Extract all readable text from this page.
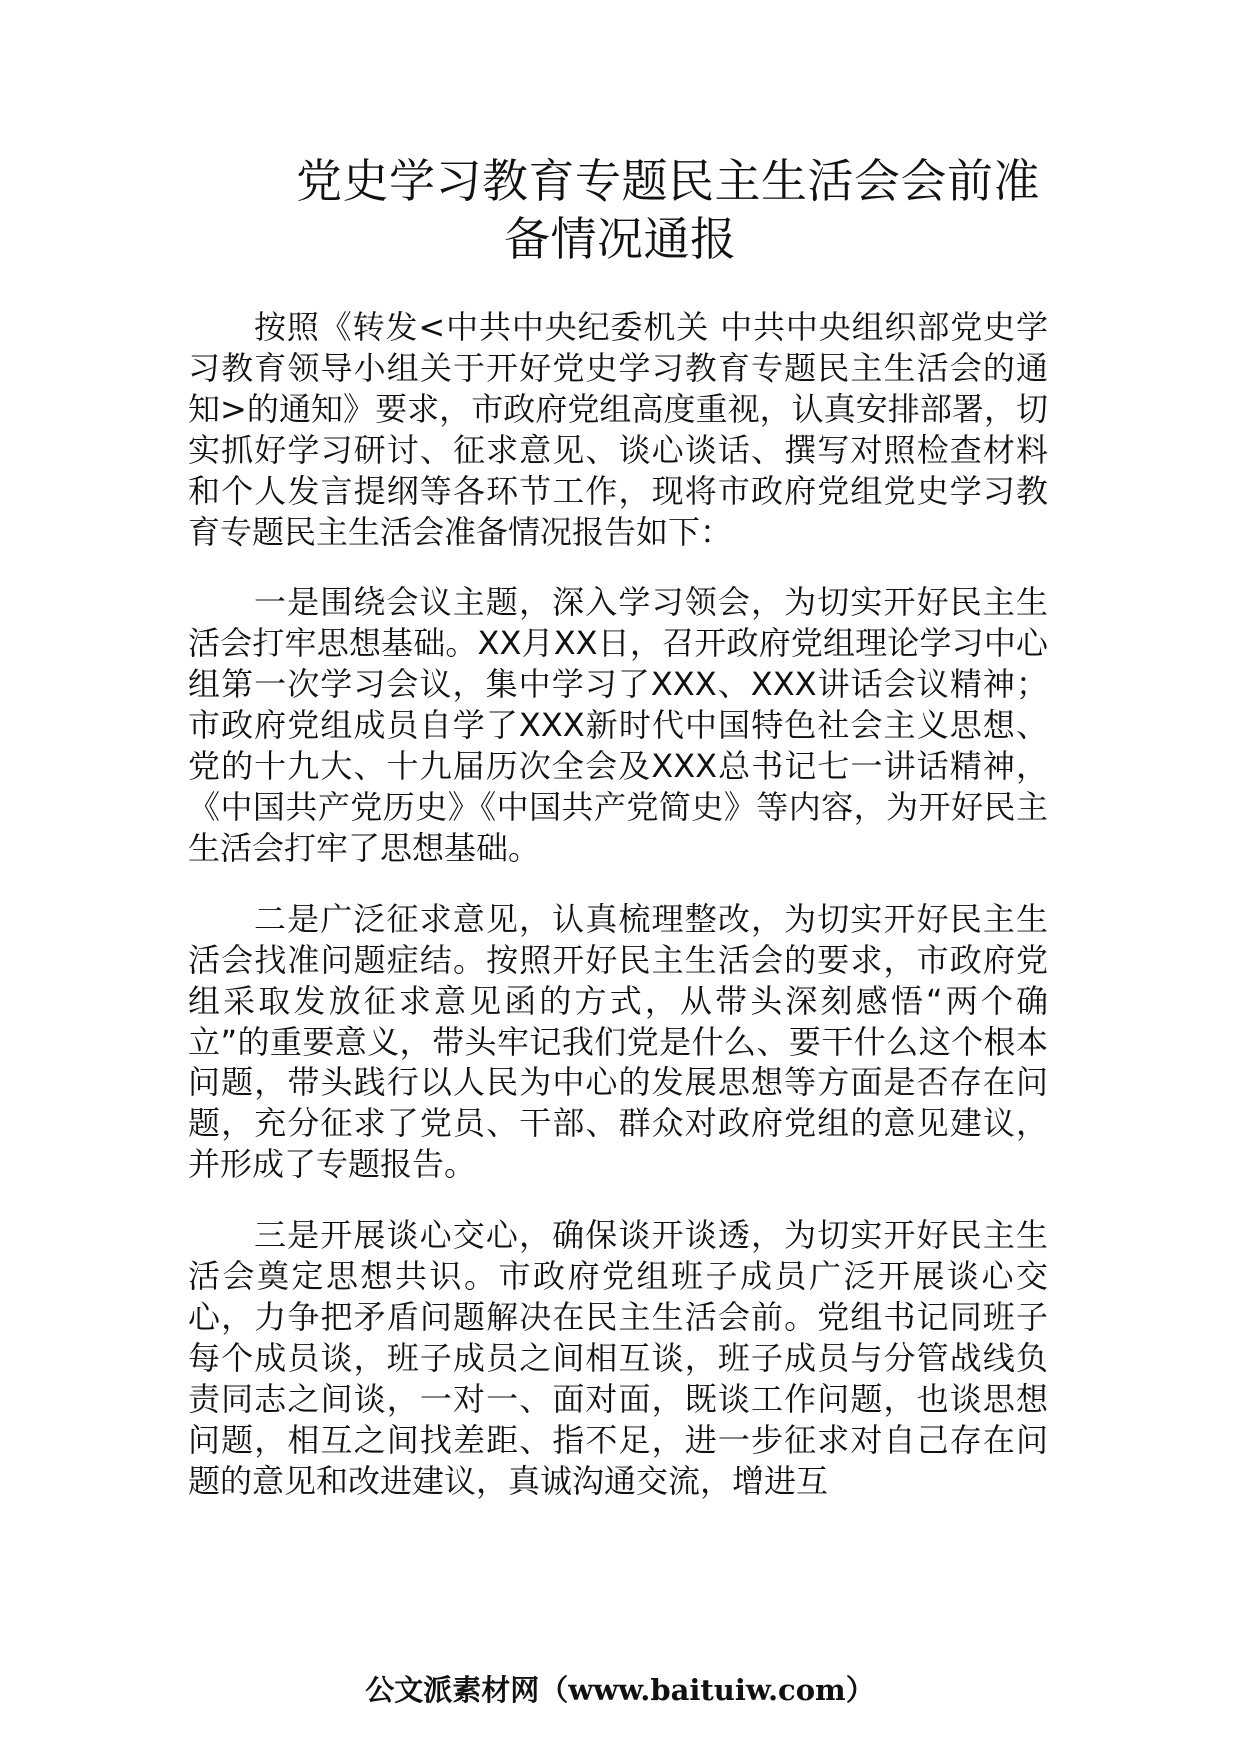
党史学习教育专题民主生活会会前准
备情况通报

按照《转发<中共中央纪委机关 中共中央组织部党史学习教育领导小组关于开好党史学习教育专题民主生活会的通知>的通知》要求，市政府党组高度重视，认真安排部署，切实抓好学习研讨、征求意见、谈心谈话、撰写对照检查材料和个人发言提纲等各环节工作，现将市政府党组党史学习教育专题民主生活会准备情况报告如下：

一是围绕会议主题，深入学习领会，为切实开好民主生活会打牢思想基础。XX月XX日，召开政府党组理论学习中心组第一次学习会议，集中学习了XXX、XXX讲话会议精神；市政府党组成员自学了XXX新时代中国特色社会主义思想、党的十九大、十九届历次全会及XXX总书记七一讲话精神，《中国共产党历史》《中国共产党简史》等内容，为开好民主生活会打牢了思想基础。

二是广泛征求意见，认真梳理整改，为切实开好民主生活会找准问题症结。按照开好民主生活会的要求，市政府党组采取发放征求意见函的方式，从带头深刻感悟“两个确立”的重要意义，带头牢记我们党是什么、要干什么这个根本问题，带头践行以人民为中心的发展思想等方面是否存在问题，充分征求了党员、干部、群众对政府党组的意见建议，并形成了专题报告。

三是开展谈心交心，确保谈开谈透，为切实开好民主生活会奠定思想共识。市政府党组班子成员广泛开展谈心交心，力争把矛盾问题解决在民主生活会前。党组书记同班子每个成员谈，班子成员之间相互谈，班子成员与分管战线负责同志之间谈，一对一、面对面，既谈工作问题，也谈思想问题，相互之间找差距、指不足，进一步征求对自己存在问题的意见和改进建议，真诚沟通交流，增进互

公文派素材网（www.baituiw.com）
